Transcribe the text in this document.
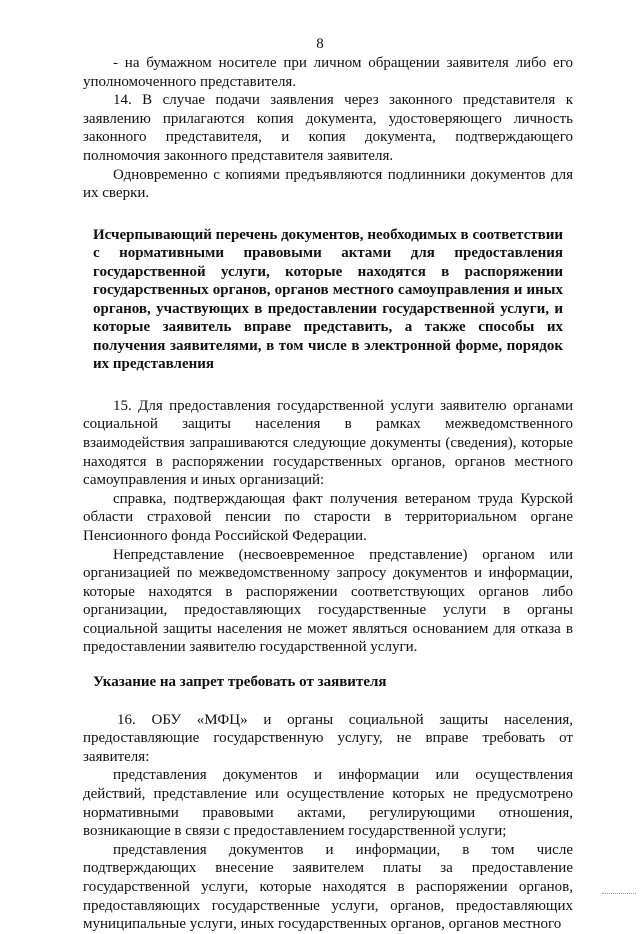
8

- на бумажном носителе при личном обращении заявителя либо его уполномоченного представителя.

14. В случае подачи заявления через законного представителя к заявлению прилагаются копия документа, удостоверяющего личность законного представителя, и копия документа, подтверждающего полномочия законного представителя заявителя.

Одновременно с копиями предъявляются подлинники документов для их сверки.

Исчерпывающий перечень документов, необходимых в соответствии с нормативными правовыми актами для предоставления государственной услуги, которые находятся в распоряжении государственных органов, органов местного самоуправления и иных органов, участвующих в предоставлении государственной услуги, и которые заявитель вправе представить, а также способы их получения заявителями, в том числе в электронной форме, порядок их представления

15. Для предоставления государственной услуги заявителю органами социальной защиты населения в рамках межведомственного взаимодействия запрашиваются следующие документы (сведения), которые находятся в распоряжении государственных органов, органов местного самоуправления и иных организаций:

справка, подтверждающая факт получения ветераном труда Курской области страховой пенсии по старости в территориальном органе Пенсионного фонда Российской Федерации.

Непредставление (несвоевременное представление) органом или организацией по межведомственному запросу документов и информации, которые находятся в распоряжении соответствующих органов либо организации, предоставляющих государственные услуги в органы социальной защиты населения не может являться основанием для отказа в предоставлении заявителю государственной услуги.

Указание на запрет требовать от заявителя

16. ОБУ «МФЦ» и органы социальной защиты населения, предоставляющие государственную услугу, не вправе требовать от заявителя:

представления документов и информации или осуществления действий, представление или осуществление которых не предусмотрено нормативными правовыми актами, регулирующими отношения, возникающие в связи с предоставлением государственной услуги;

представления документов и информации, в том числе подтверждающих внесение заявителем платы за предоставление государственной услуги, которые находятся в распоряжении органов, предоставляющих государственные услуги, органов, предоставляющих муниципальные услуги, иных государственных органов, органов местного
